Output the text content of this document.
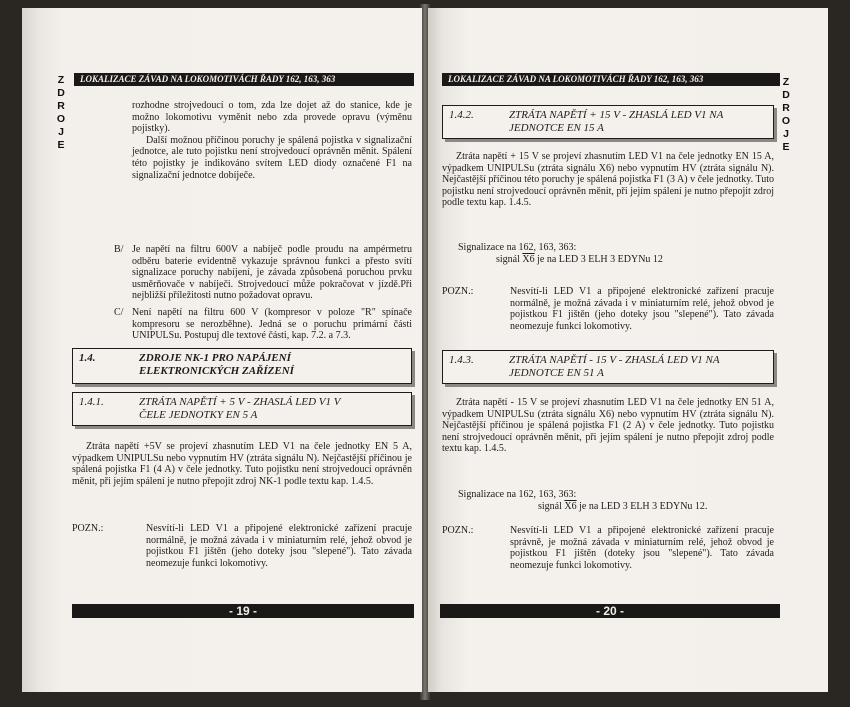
LOKALIZACE ZÁVAD NA LOKOMOTIVÁCH ŘADY 162, 163, 363
Z
D
R
O
J
E

rozhodne strojvedoucí o tom, zda lze dojet až do stanice, kde je možno lokomotivu vyměnit nebo zda provede opravu (výměnu pojistky).

Další možnou příčinou poruchy je spálená pojistka v signalizační jednotce, ale tuto pojistku není strojvedoucí oprávněn měnit. Spálení této pojistky je indikováno svítem LED diody označené F1 na signalizační jednotce dobíječe.

B/ Je napětí na filtru 600V a nabíječ podle proudu na ampérmetru odběru baterie evidentně vykazuje správnou funkci a přesto svítí signalizace poruchy nabíjení, je závada způsobená poruchou prvku usměrňovače v nabíječi. Strojvedoucí může pokračovat v jízdě.Při nejbližší příležitosti nutno požadovat opravu.
C/ Není napětí na filtru 600 V (kompresor v poloze "R" spínače kompresoru se nerozběhne). Jedná se o poruchu primární části UNIPULSu. Postupuj dle textové části, kap. 7.2. a 7.3.
1.4.	ZDROJE NK-1 PRO NAPÁJENÍ
ELEKTRONICKÝCH ZAŘÍZENÍ
1.4.1.	ZTRÁTA NAPĚTÍ + 5 V - ZHASLÁ LED V1 V
ČELE JEDNOTKY EN 5 A
Ztráta napětí +5V se projeví zhasnutím LED V1 na čele jednotky EN 5 A, výpadkem UNIPULSu nebo vypnutím HV (ztráta signálu N). Nejčastější příčinou je spálená pojistka F1 (4 A) v čele jednotky. Tuto pojistku není strojvedoucí oprávněn měnit, při jejím spálení je nutno přepojit zdroj NK-1 podle textu kap. 1.4.5.
POZN.:	Nesvítí-li LED V1 a připojené elektronické zařízení pracuje normálně, je možná závada i v miniaturním relé, jehož obvod je pojistkou F1 jištěn (jeho doteky jsou "slepené"). Tato závada neomezuje funkci lokomotivy.
- 19 -
LOKALIZACE ZÁVAD NA LOKOMOTIVÁCH ŘADY 162, 163, 363	Z
D
R
O
J
E
1.4.2.	ZTRÁTA NAPĚTÍ + 15 V - ZHASLÁ LED V1 NA
JEDNOTCE EN 15 A
Ztráta napětí + 15 V se projeví zhasnutím LED V1 na čele jednotky EN 15 A, výpadkem UNIPULSu (ztráta signálu X6) nebo vypnutím HV (ztráta signálu N). Nejčastější příčinou této poruchy je spálená pojistka F1 (3 A) v čele jednotky. Tuto pojistku není strojvedoucí oprávněn měnit, při jejím spálení je nutno přepojit zdroj podle textu kap. 1.4.5.

Signalizace na 162, 163, 363:

signál X6 je na LED 3 ELH 3 EDYNu 12

POZN.:	Nesvítí-li LED V1 a připojené elektronické zařízení pracuje normálně, je možná závada i v miniaturním relé, jehož obvod je pojistkou F1 jištěn (jeho doteky jsou "slepené"). Tato závada neomezuje funkci lokomotivy.
1.4.3.	ZTRÁTA NAPĚTÍ - 15 V - ZHASLÁ LED V1 NA
JEDNOTCE EN 51 A
Ztráta napětí - 15 V se projeví zhasnutím LED V1 na čele jednotky EN 51 A, výpadkem UNIPULSu (ztráta signálu X6) nebo vypnutím HV (ztráta signálu N). Nejčastější příčinou je spálená pojistka F1 (2 A) v čele jednotky. Tuto pojistku není strojvedoucí oprávněn měnit, při jejím spálení je nutno přepojit zdroj podle textu kap. 1.4.5.

Signalizace na 162, 163, 363:

signál X6 je na LED 3 ELH 3 EDYNu 12.

POZN.:	Nesvítí-li LED V1 a připojené elektronické zařízení pracuje správně, je možná závada v miniaturním relé, jehož obvod je pojistkou F1 jištěn (doteky jsou "slepené"). Tato závada neomezuje funkci lokomotivy.
- 20 -
